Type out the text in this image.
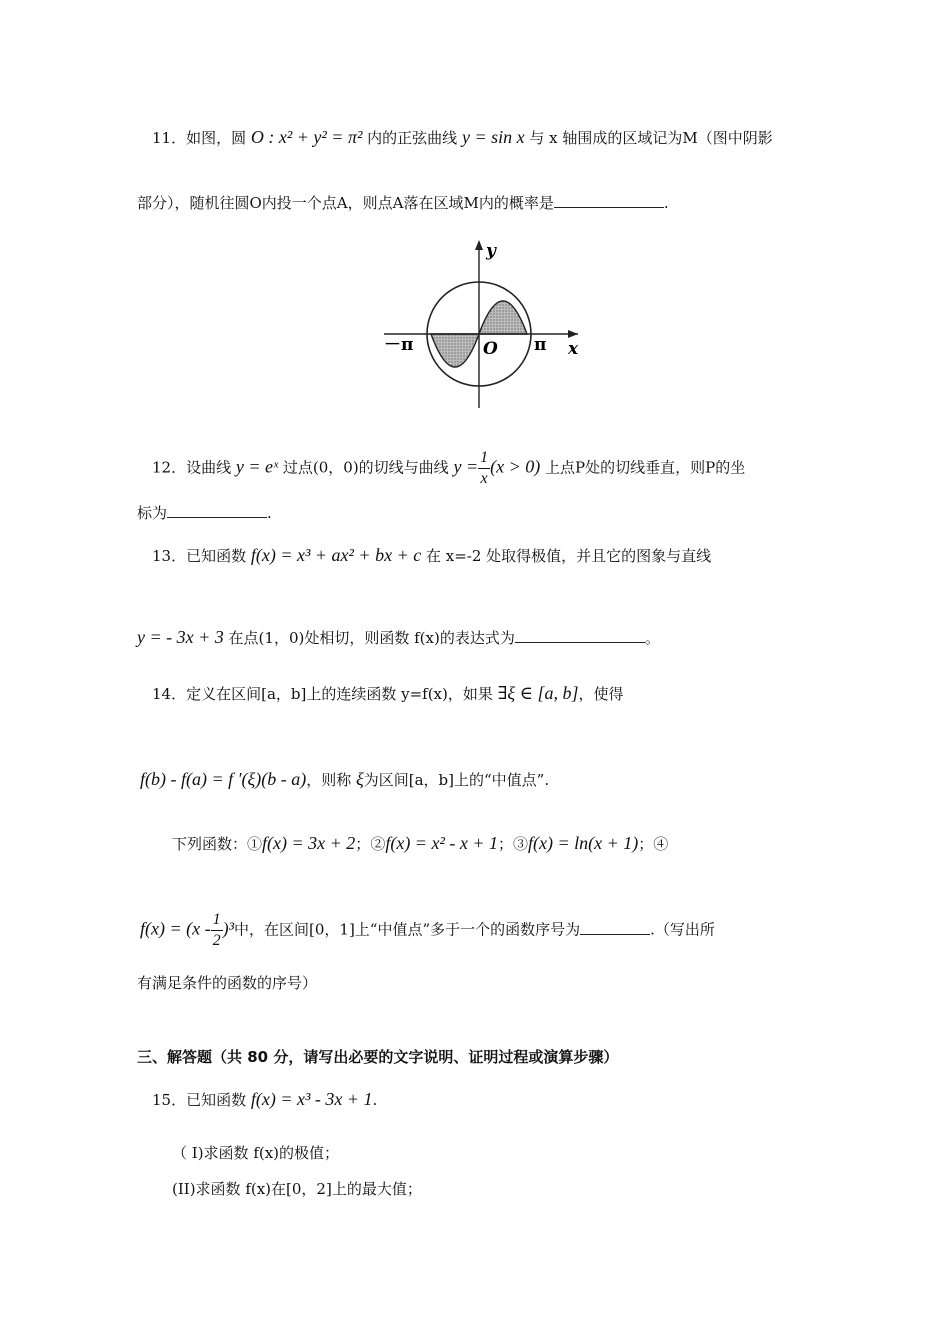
11．如图，圆 O : x² + y² = π² 内的正弦曲线 y = sin x 与 x 轴围成的区域记为M（图中阴影
部分），随机往圆O内投一个点A，则点A落在区域M内的概率是	.
y
x
O π
－π
12．设曲线 y = eˣ 过点(0，0)的切线与曲线 $y = \frac{1}{x} (x > 0)$ 上点P处的切线垂直，则P的坐
标为	.
13．已知函数 f(x) = x³ + ax² + bx + c 在 x=-2 处取得极值，并且它的图象与直线
y = - 3x + 3 在点(1，0)处相切，则函数 f(x)的表达式为	。
14．定义在区间[a，b]上的连续函数 y=f(x)，如果 ∃ξ ∈ [a, b]，使得
f(b) - f(a) = f ′(ξ)(b - a)，则称 ξ为区间[a，b]上的“中值点”.
下列函数：①f(x) = 3x + 2；②f(x) = x² - x + 1；③f(x) = ln(x + 1)；④
$f(x) = (x - \frac{1}{2} )^3$中，在区间[0，1]上“中值点”多于一个的函数序号为	.（写出所
有满足条件的函数的序号）
三、解答题（共 80 分，请写出必要的文字说明、证明过程或演算步骤）
15．已知函数 f(x) = x³ - 3x + 1.
（ I)求函数 f(x)的极值；
(II)求函数 f(x)在[0，2]上的最大值；
